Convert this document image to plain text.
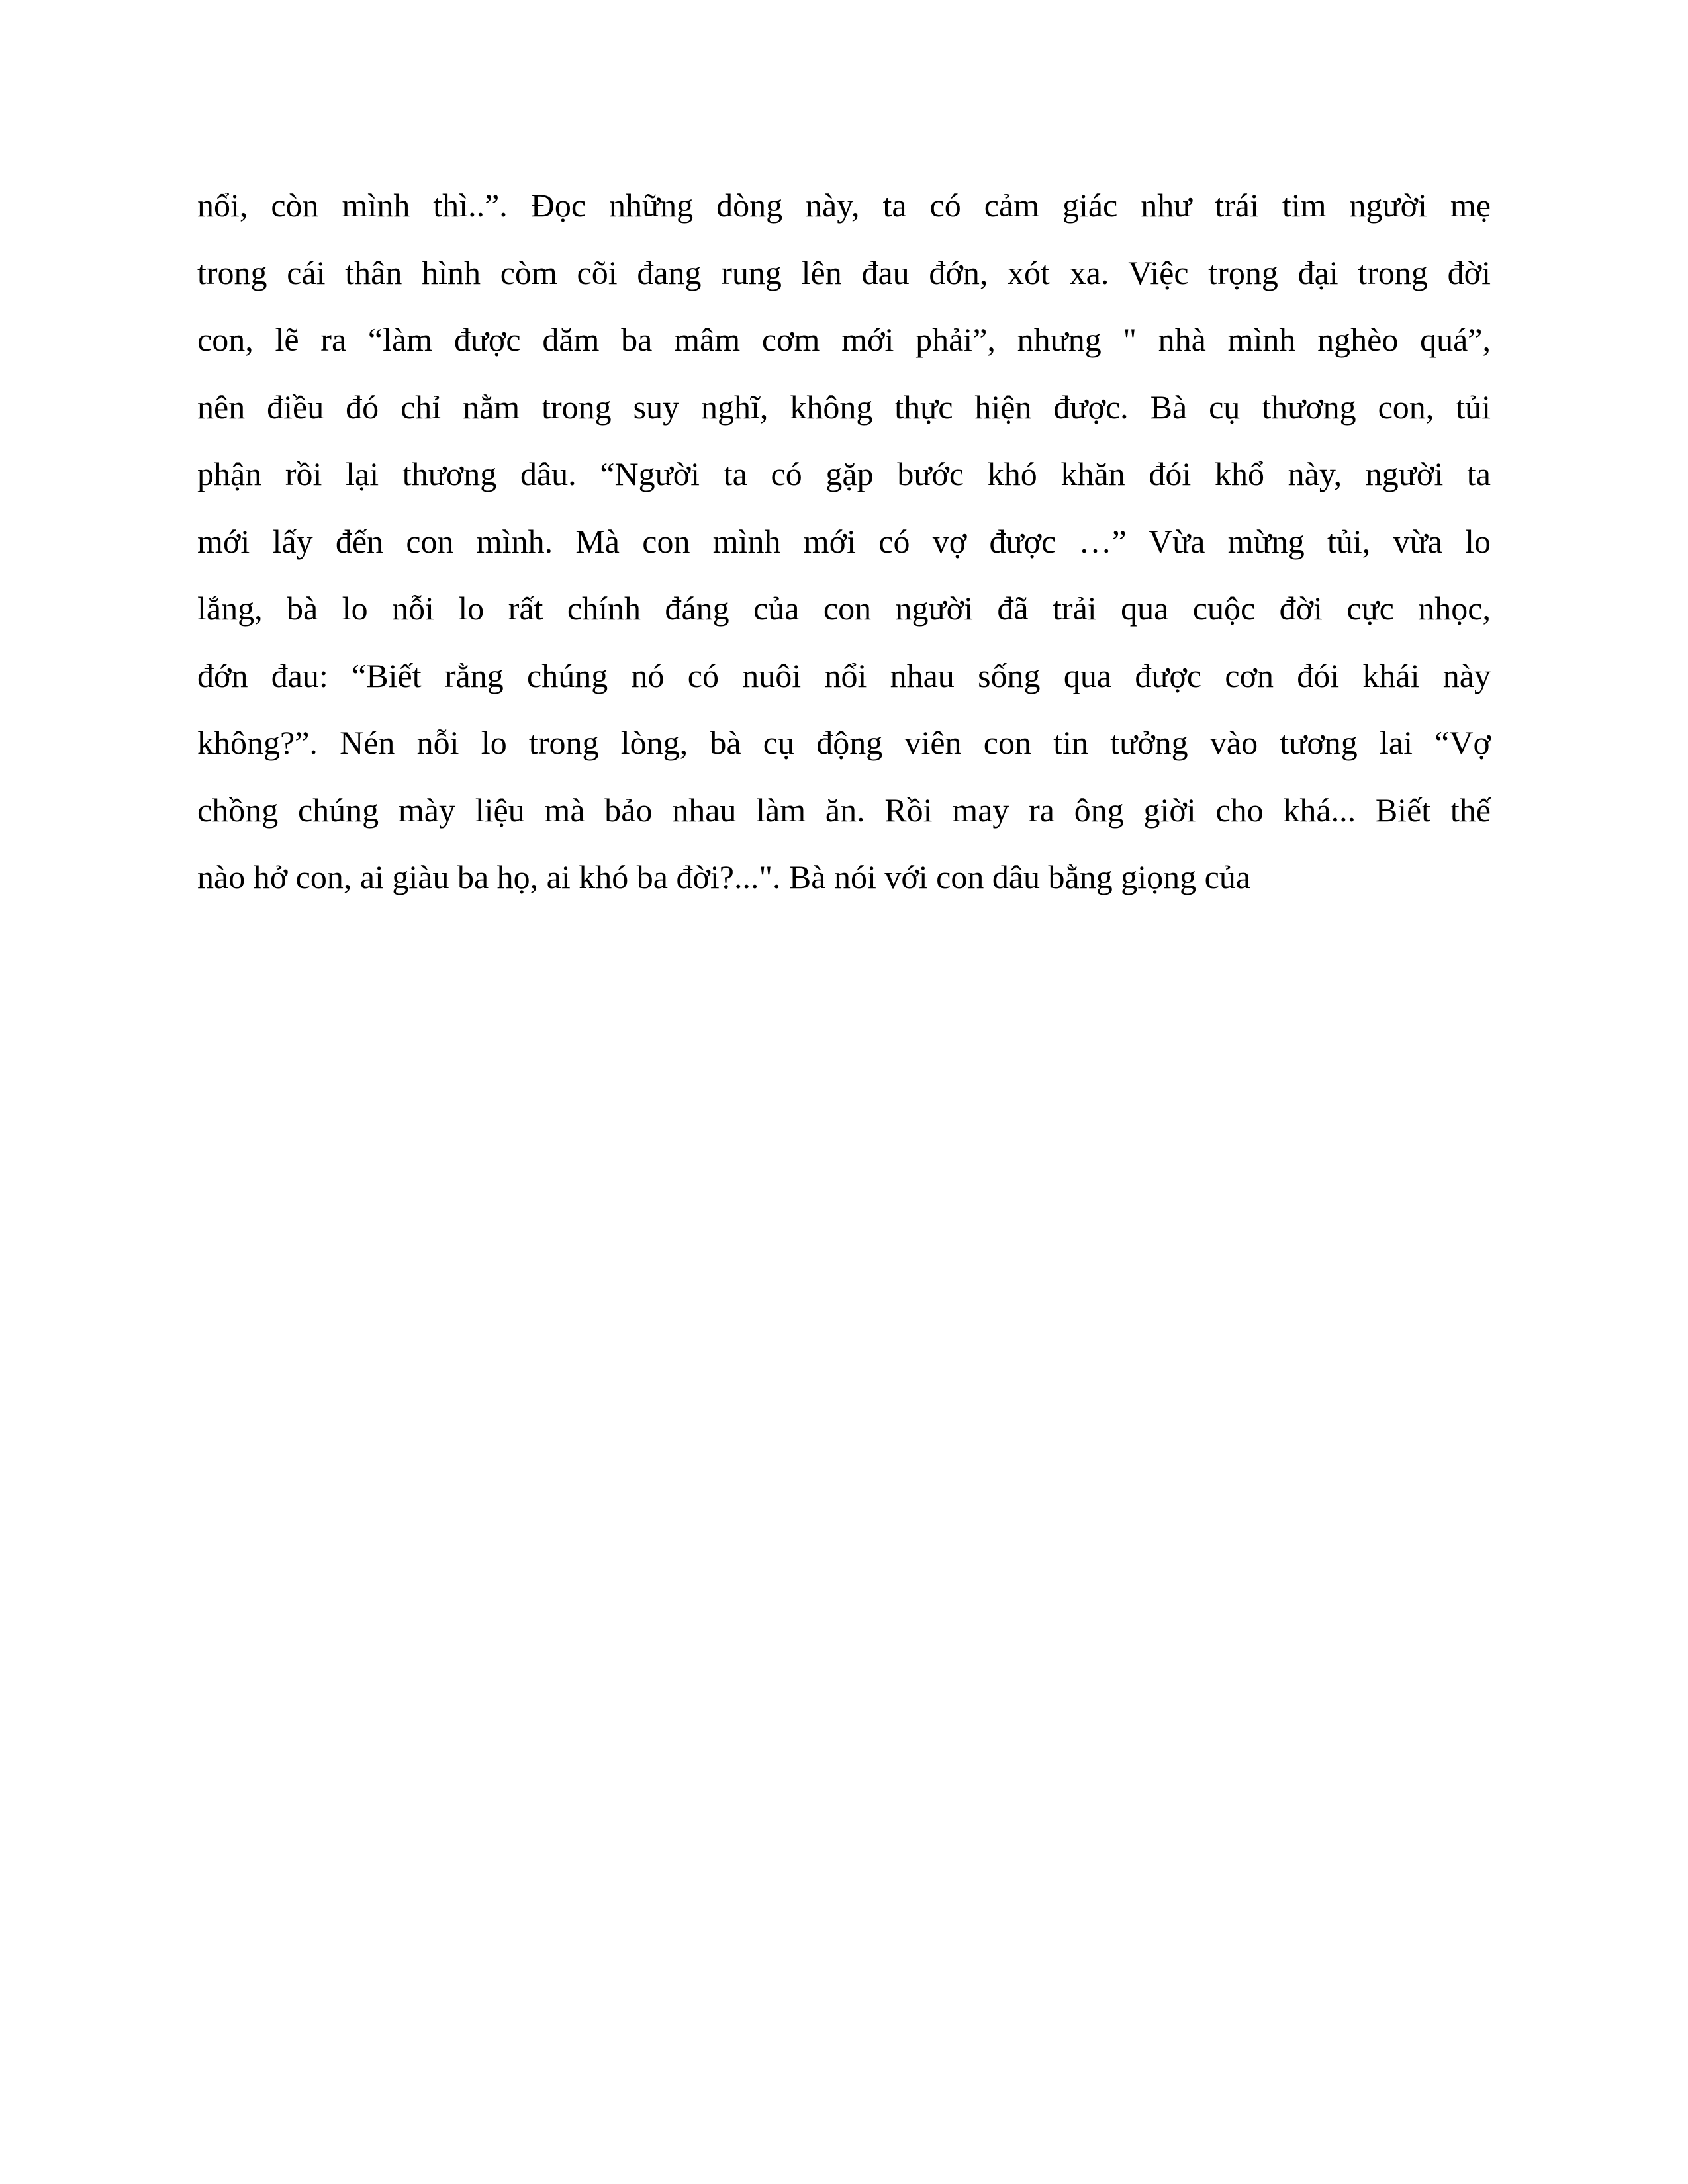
nổi, còn mình thì..”. Đọc những dòng này, ta có cảm giác như trái tim người mẹ
trong cái thân hình còm cõi đang rung lên đau đớn, xót xa. Việc trọng đại trong đời
con, lẽ ra “làm được dăm ba mâm cơm mới phải”, nhưng " nhà mình nghèo quá”,
nên điều đó chỉ nằm trong suy nghĩ, không thực hiện được. Bà cụ thương con, tủi
phận rồi lại thương dâu. “Người ta có gặp bước khó khăn đói khổ này, người ta
mới lấy đến con mình. Mà con mình mới có vợ được …” Vừa mừng tủi, vừa lo
lắng, bà lo nỗi lo rất chính đáng của con người đã trải qua cuộc đời cực nhọc,
đớn đau: “Biết rằng chúng nó có nuôi nổi nhau sống qua được cơn đói khái này
không?”. Nén nỗi lo trong lòng, bà cụ động viên con tin tưởng vào tương lai “Vợ
chồng chúng mày liệu mà bảo nhau làm ăn. Rồi may ra ông giời cho khá... Biết thế
nào hở con, ai giàu ba họ, ai khó ba đời?...". Bà nói với con dâu bằng giọng của
